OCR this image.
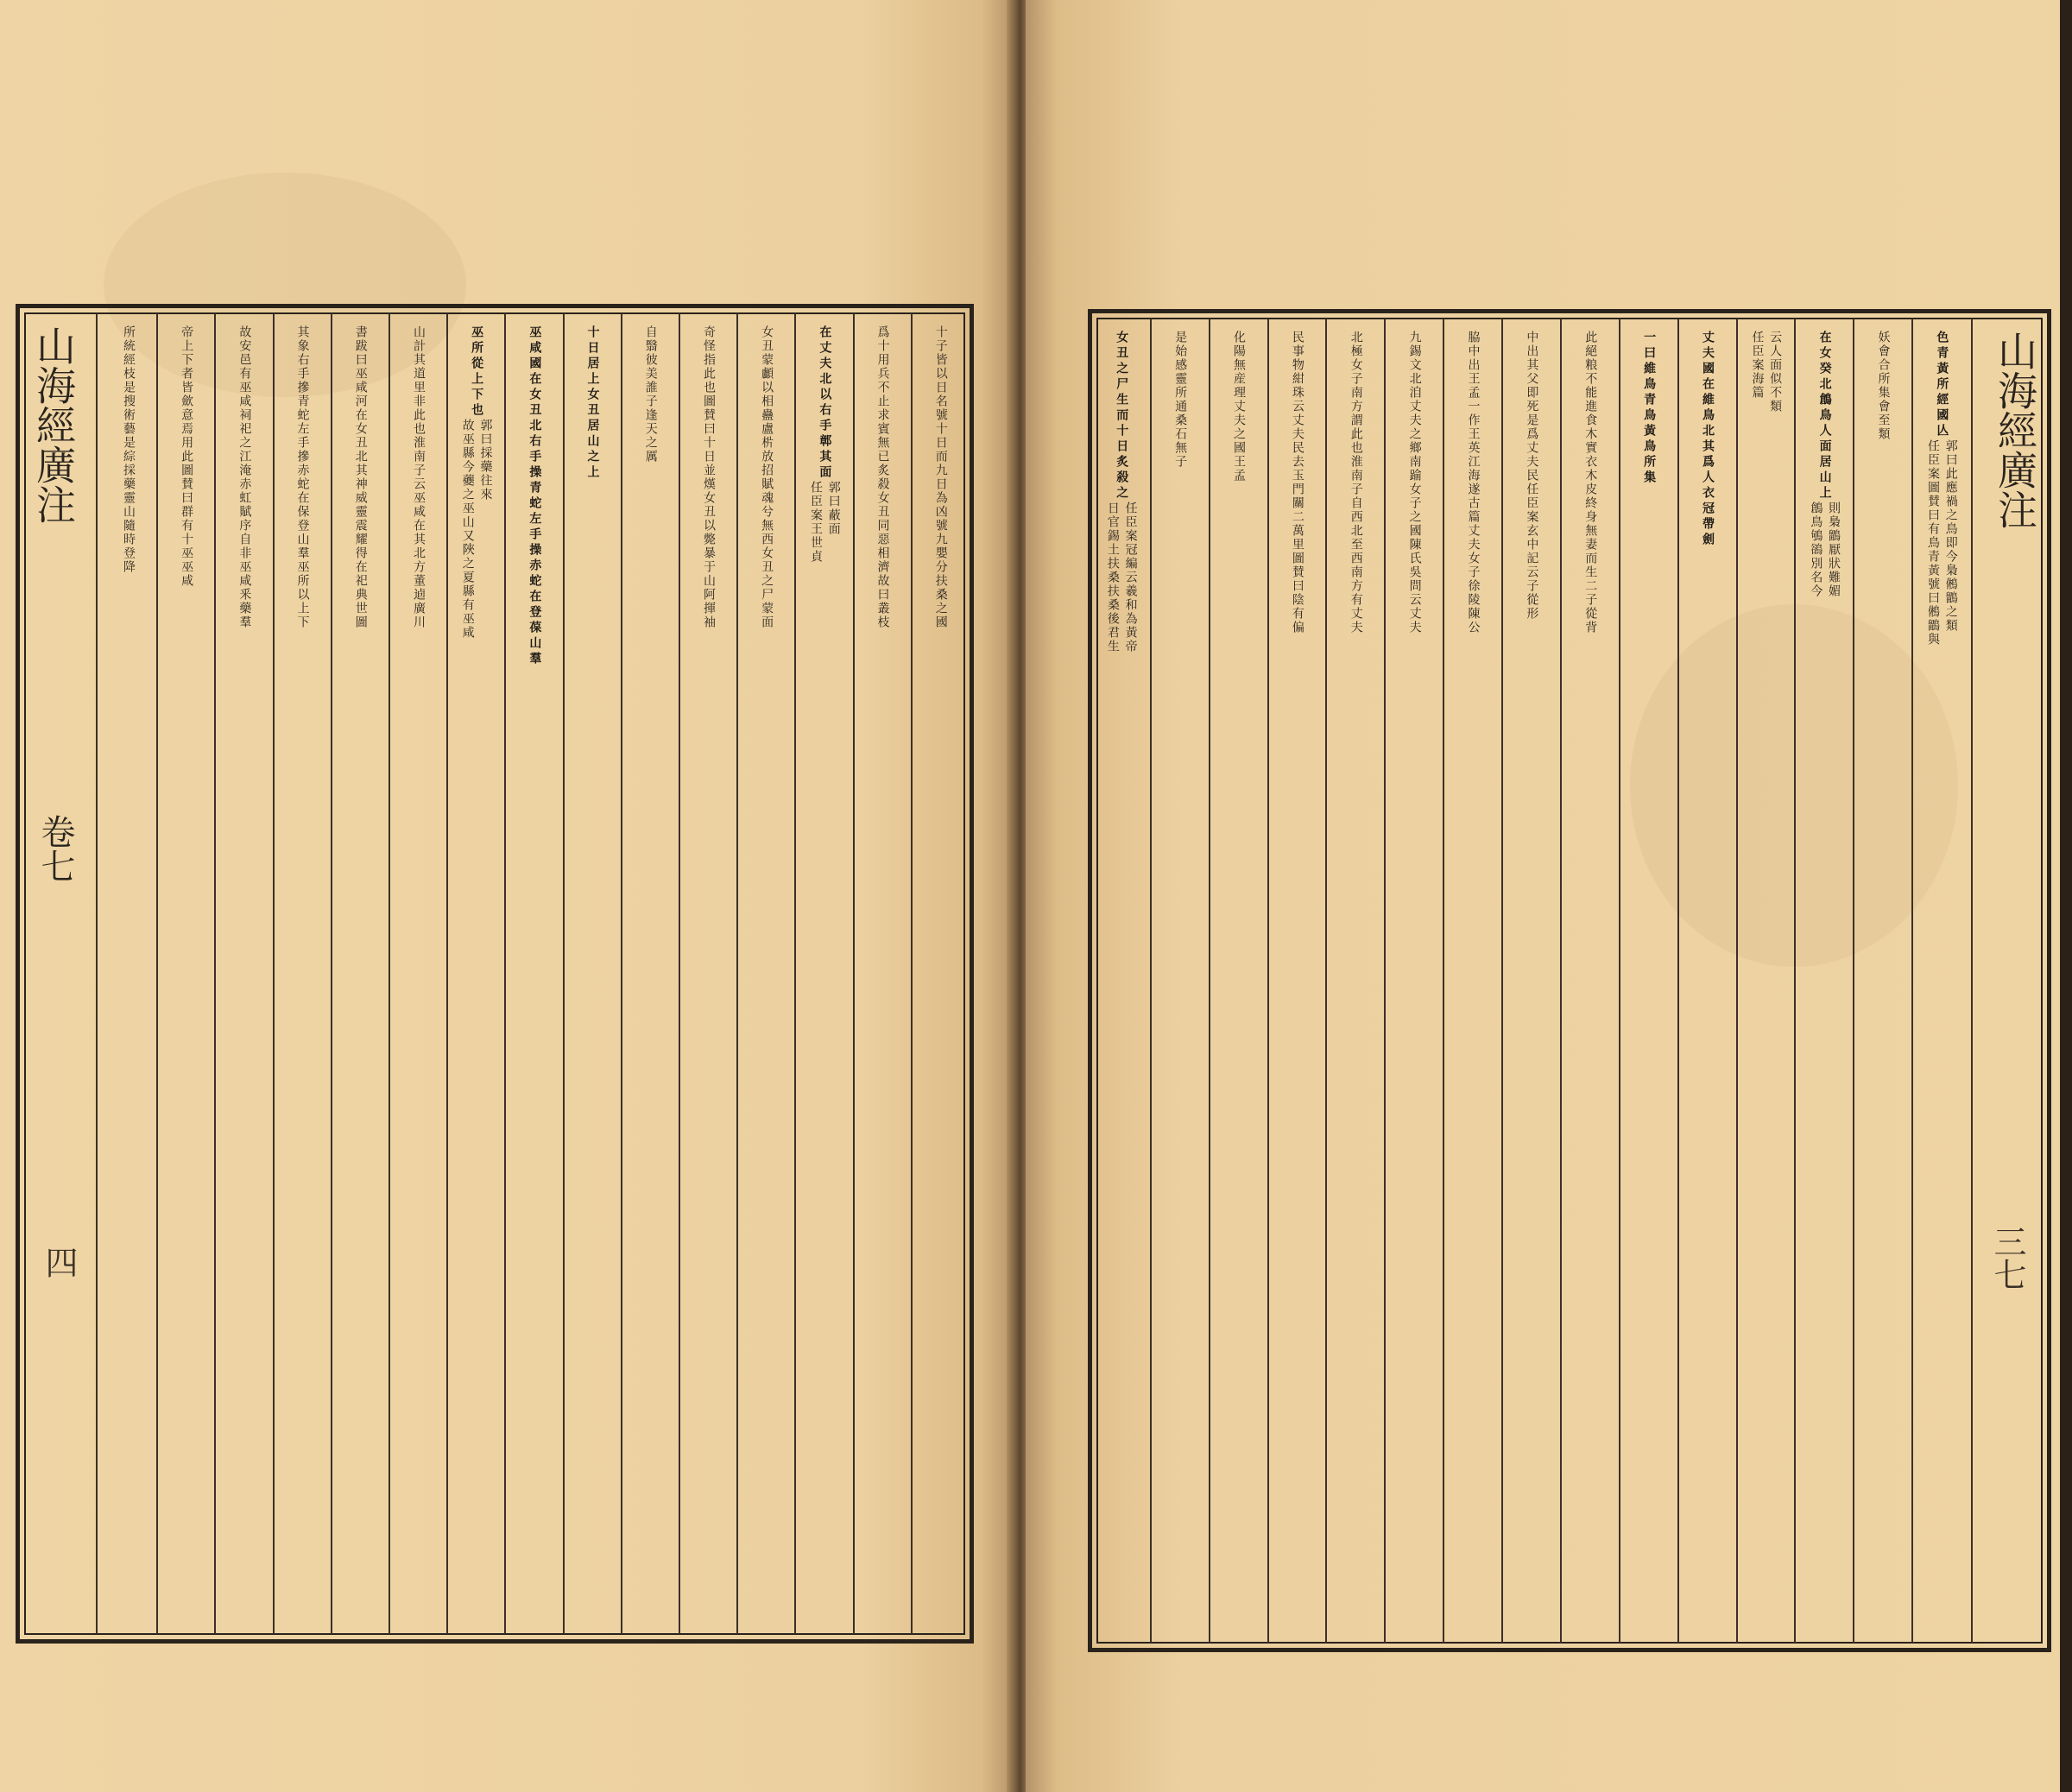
十子皆以日名號十日而九日為凶號九嬰分扶桑之國
爲十用兵不止求賓無已炙殺女丑同惡相濟故曰叢枝
在丈夫北以右手鄣其面
郭曰蔽面
任臣案王世貞
女丑蒙顱以相蠱盧㭊放招賦魂兮無西女丑之尸蒙面
奇怪指此也圖賛曰十日並熯女丑以斃暴于山阿揮袖
自翳彼美誰子逢天之厲
十日居上女丑居山之上
巫咸國在女丑北右手操青蛇左手操赤蛇在登葆山羣
巫所從上下也
郭曰採藥往來
故巫縣今虁之巫山又陜之夏縣有巫咸
山計其道里非此也淮南子云巫咸在其北方董逌廣川
書跋曰巫咸河在女丑北其神威靈震耀得在祀典世圖
其象右手摻青蛇左手摻赤蛇在保登山羣巫所以上下
故安邑有巫咸祠祀之江淹赤虹賦序自非巫咸釆藥羣
帝上下者皆歛意焉用此圖賛曰群有十巫巫咸
所統經枝是搜術藝是綜採藥靈山隨時登降
山海經廣注
卷七
四
色青黃所經國亾
郭曰此應禍之鳥即今梟鵂鶹之類
任臣案圖賛曰有鳥青黃號曰鵂鶹與
妖會合所集會至類
在女癸北鶬鳥人面居山上
則梟鶹厭狀難媚
鶬鳥鴝鵒別名今
云人面似不類
任臣案海篇
丈夫國在維鳥北其爲人衣冠帶劍
一曰維鳥青鳥黃鳥所集
此絕粮不能進食木實衣木皮終身無妻而生二子從背
中出其父即死是爲丈夫民任臣案玄中記云子從形
脇中出王孟一作王英江海遂古篇丈夫女子徐陵陳公
九錫文北洎丈夫之鄉南踰女子之國陳氏吳問云丈夫
北極女子南方謂此也淮南子自西北至西南方有丈夫
民事物紺珠云丈夫民去玉門關二萬里圖賛曰陰有偏
化陽無産理丈夫之國王孟
是始感靈所通桑石無子
女丑之尸生而十日炙殺之
任臣案冠編云羲和為黃帝
日官錫土扶桑扶桑後君生
山海經廣注
三七
